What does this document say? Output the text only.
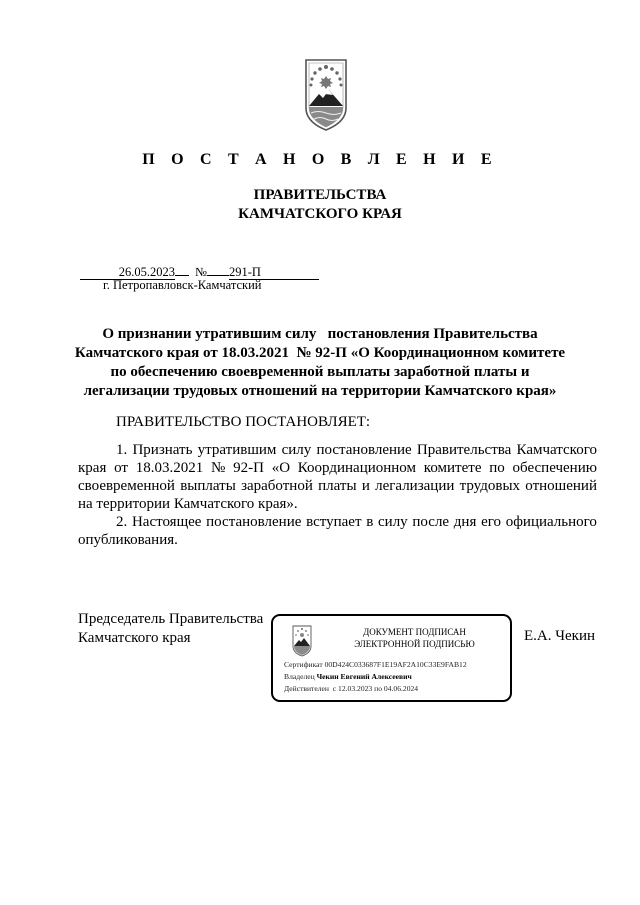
П О С Т А Н О В Л Е Н И Е
ПРАВИТЕЛЬСТВА
КАМЧАТСКОГО КРАЯ
26.05.2023 № 291-П
г. Петропавловск-Камчатский
О признании утратившим силу   постановления Правительства
Камчатского края от 18.03.2021  № 92-П «О Координационном комитете
по обеспечению своевременной выплаты заработной платы и
легализации трудовых отношений на территории Камчатского края»
ПРАВИТЕЛЬСТВО ПОСТАНОВЛЯЕТ:
1. Признать утратившим силу постановление Правительства Камчатского
края от 18.03.2021 № 92-П «О Координационном комитете по обеспечению
своевременной выплаты заработной платы и легализации трудовых отношений
на территории Камчатского края».
2. Настоящее постановление вступает в силу после дня его официального
опубликования.
Председатель Правительства
Камчатского края	ДОКУМЕНТ ПОДПИСАН
ЭЛЕКТРОННОЙ ПОДПИСЬЮ
Сертификат 00D424C033687F1E19AF2A10C33E9FAB12
Владелец Чекин Евгений Алексеевич
Действителен  с 12.03.2023 по 04.06.2024
Е.А. Чекин
